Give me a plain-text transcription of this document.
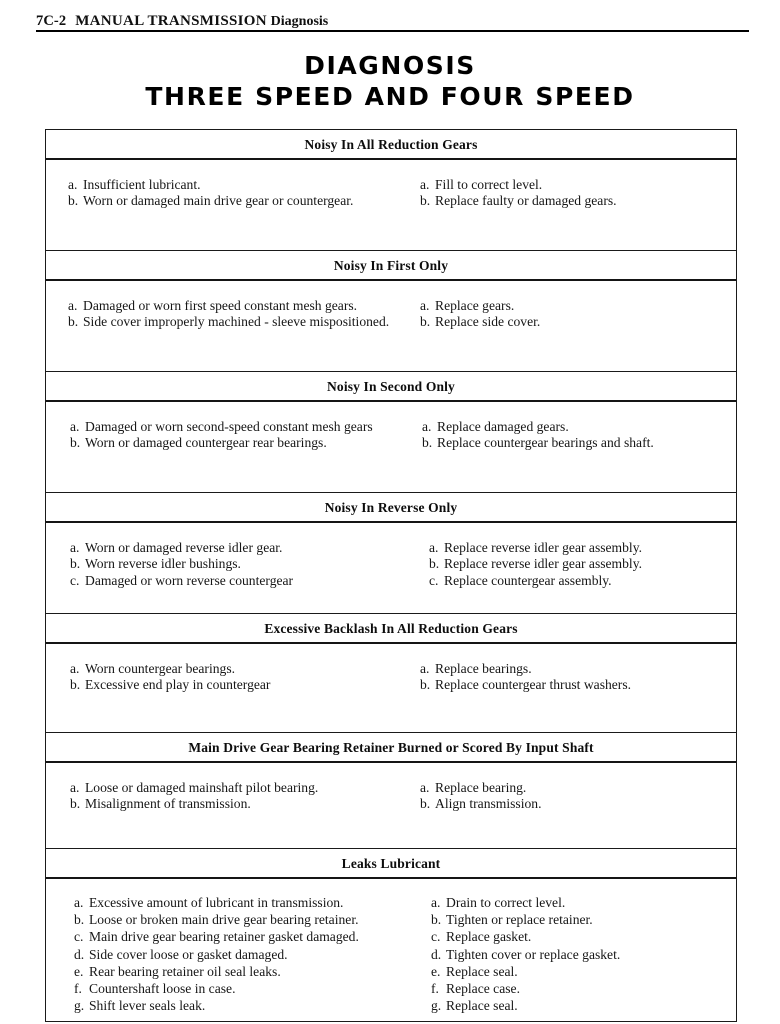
7C-2 MANUAL TRANSMISSION Diagnosis
DIAGNOSIS
THREE SPEED AND FOUR SPEED
Noisy In All Reduction Gears
a. Insufficient lubricant.
b. Worn or damaged main drive gear or countergear.
a. Fill to correct level.
b. Replace faulty or damaged gears.
Noisy In First Only
a. Damaged or worn first speed constant mesh gears.
b. Side cover improperly machined - sleeve mispositioned.
a. Replace gears.
b. Replace side cover.
Noisy In Second Only
a. Damaged or worn second-speed constant mesh gears
b. Worn or damaged countergear rear bearings.
a. Replace damaged gears.
b. Replace countergear bearings and shaft.
Noisy In Reverse Only
a. Worn or damaged reverse idler gear.
b. Worn reverse idler bushings.
c. Damaged or worn reverse countergear
a. Replace reverse idler gear assembly.
b. Replace reverse idler gear assembly.
c. Replace countergear assembly.
Excessive Backlash In All Reduction Gears
a. Worn countergear bearings.
b. Excessive end play in countergear
a. Replace bearings.
b. Replace countergear thrust washers.
Main Drive Gear Bearing Retainer Burned or Scored By Input Shaft
a. Loose or damaged mainshaft pilot bearing.
b. Misalignment of transmission.
a. Replace bearing.
b. Align transmission.
Leaks Lubricant
a. Excessive amount of lubricant in transmission.
b. Loose or broken main drive gear bearing retainer.
c. Main drive gear bearing retainer gasket damaged.
d. Side cover loose or gasket damaged.
e. Rear bearing retainer oil seal leaks.
f. Countershaft loose in case.
g. Shift lever seals leak.
a. Drain to correct level.
b. Tighten or replace retainer.
c. Replace gasket.
d. Tighten cover or replace gasket.
e. Replace seal.
f. Replace case.
g. Replace seal.
